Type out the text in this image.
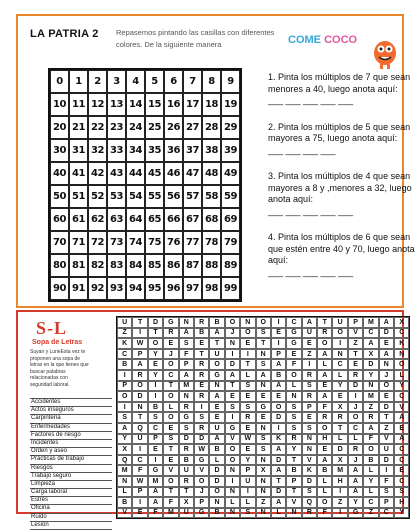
LA PATRIA 2 Repasemos pintando las casillas con diferentes colores. De la siguiente manera	COME COCO
0	1	2	3	4	5	6	7	8	9
10 11 12 13 14 15 16 17 18 19
20 21 22 23 24 25 26 27 28 29
30 31 32 33 34 35 36 37 38 39
40 41 42 43 44 45 46 47 48 49
50 51 52 53 54 55 56 57 58 59
60 61 62 63 64 65 66 67 68 69
70 71 72 73 74 75 76 77 78 79
80 81 82 83 84 85 86 87 88 89
90 91 92 93 94 95 96 97 98 99
1. Pinta los múltiplos de 7 que sean menores a 40, luego anota aquí:
___ ___ ___ ___ ___
2. Pinta los múltiplos de 5 que sean mayores a 75, luego anota aquí:
___ ___ ___ ___
3. Pinta los múltiplos de 4 que sean mayores a 8 y ,menores a 32, luego anota aquí:
___ ___ ___ ___ ___
4. Pinta los múltiplos de 6 que sean que estén entre 40 y 70, luego anota aquí:
___ ___ ___ ___ ___
S-L
Sopa de Letras
Suyan y LurieEsta vez te proponen una sopa de letras en la que tienes que buscar palabras relacionadas con seguridad laboral.
Accidentes
Actos inseguros
Carpintería
Enfermedades
Factores de riesgo
Incidentes
Orden y aseo
Prácticas de trabajo
Riesgos
Trabajo seguro
Limpieza
Carga laboral
Estrés
Oficina
Ruido
Lesión
U	T	D	G	N	R	B	O	N	O	I	C	A	T	U	P	M	A	X
Z	I	T	R	A	B	A	J	O	S	E	G	U	R	O	V	C	D	C
K	W	O	E	S	E	T	N	E	T	I	G	E	O	I	Z	A	E	K
C	P	Y	J	F	T	U	I	I	N	P	E	Z	A	N	T	X	A	N
B	A	E	O	P	R	O	D	T	S	A	F	I	L	C	E	D	N	O
I	R	Y	C	A	R	G	A	L	A	B	O	R	A	L	R	Y	J	L
P	O	I	T	M	E	N	T	S	N	A	L	S	E	Y	D	N	O	Y
O	D	I	O	N	R	A	E	E	E	E	N	R	A	E	I	M	E	C
I	N	B	L	R	I	E	S	S	G	O	S	P	F	X	J	Z	D	V
S	T	S	O	G	S	E	I	R	E	D	S	E	R	R	O	R	T	A
A	Q	C	E	S	R	U	G	E	N	I	S	S	O	T	C	A	Z	E
Y	U	P	S	D	D	A	V	W	S	K	R	N	H	L	L	F	V	A
X	I	E	T	R	W	B	O	E	S	A	Y	N	E	D	R	O	U	C
Q	C	I	E	B	G	L	O	Y	N	D	T	V	A	X	J	B	D	C
M	F	G	V	U	V	D	N	P	X	A	B	K	B	M	A	L	I	E
N	W	M	O	R	O	D	I	U	N	T	P	D	L	H	A	Y	F	C
L	P	A	T	T	J	O	N	I	N	D	T	S	L	I	A	L	S	S
B	I	A	F	X	P	N	L	L	Z	A	V	Q	O	Z	Y	C	P	H
V	E	F	M	U	G	B	N	S	N	L	N	R	F	I	G	Z	C	Y
